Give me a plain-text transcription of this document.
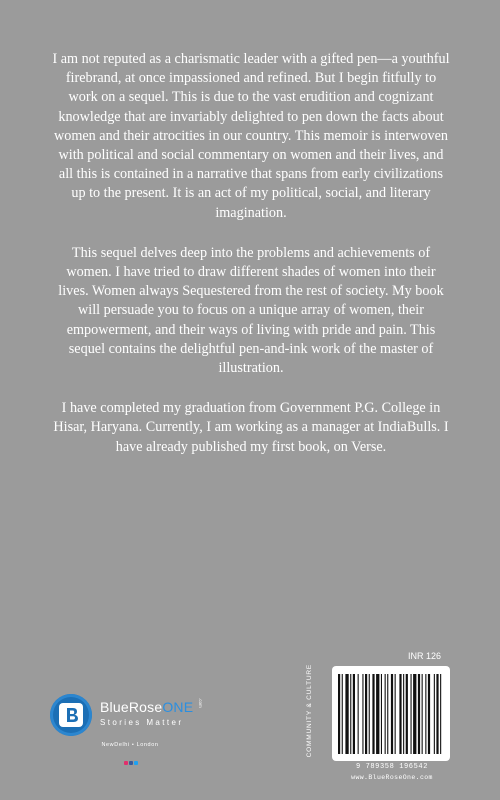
I am not reputed as a charismatic leader with a gifted pen—a youthful firebrand, at once impassioned and refined. But I begin fitfully to work on a sequel. This is due to the vast erudition and cognizant knowledge that are invariably delighted to pen down the facts about women and their atrocities in our country. This memoir is interwoven with political and social commentary on women and their lives, and all this is contained in a narrative that spans from early civilizations up to the present. It is an act of my political, social, and literary imagination.

This sequel delves deep into the problems and achievements of women. I have tried to draw different shades of women into their lives. Women always Sequestered from the rest of society. My book will persuade you to focus on a unique array of women, their empowerment, and their ways of living with pride and pain. This sequel contains the delightful pen-and-ink work of the master of illustration.

I have completed my graduation from Government P.G. College in Hisar, Haryana. Currently, I am working as a manager at IndiaBulls. I have already published my first book, on Verse.

BlueRoseONE .com
Stories Matter
NewDelhi • London	COMMUNITY & CULTURE
INR 126
9 789358 196542
www.BlueRoseOne.com
